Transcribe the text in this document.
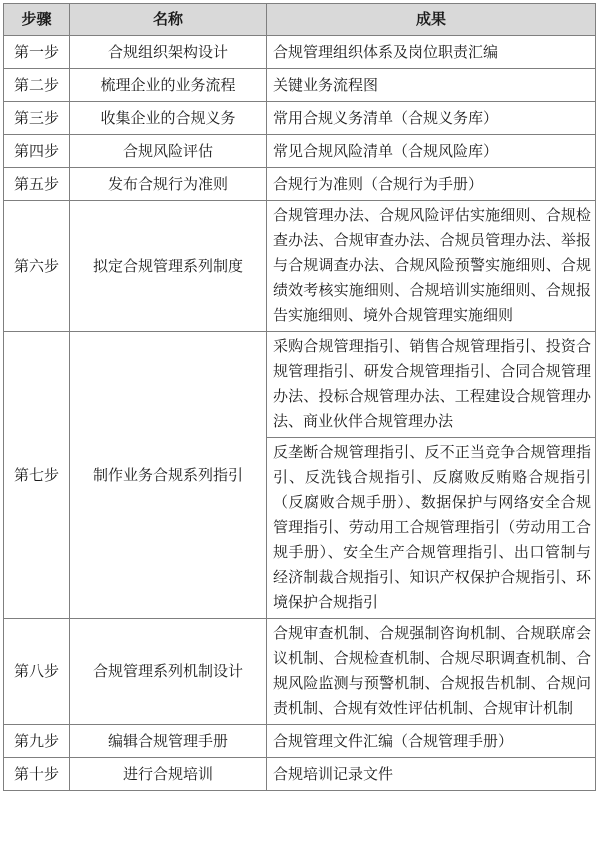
步骤	名称	成果
第一步	合规组织架构设计	合规管理组织体系及岗位职责汇编
第二步	梳理企业的业务流程	关键业务流程图
第三步	收集企业的合规义务	常用合规义务清单（合规义务库）
第四步	合规风险评估	常见合规风险清单（合规风险库）
第五步	发布合规行为准则	合规行为准则（合规行为手册）
第六步	拟定合规管理系列制度	合规管理办法、合规风险评估实施细则、合规检查办法、合规审查办法、合规员管理办法、举报与合规调查办法、合规风险预警实施细则、合规绩效考核实施细则、合规培训实施细则、合规报告实施细则、境外合规管理实施细则
第七步	制作业务合规系列指引	采购合规管理指引、销售合规管理指引、投资合规管理指引、研发合规管理指引、合同合规管理办法、投标合规管理办法、工程建设合规管理办法、商业伙伴合规管理办法
		反垄断合规管理指引、反不正当竞争合规管理指引、反洗钱合规指引、反腐败反贿赂合规指引（反腐败合规手册）、数据保护与网络安全合规管理指引、劳动用工合规管理指引（劳动用工合规手册）、安全生产合规管理指引、出口管制与经济制裁合规指引、知识产权保护合规指引、环境保护合规指引
第八步	合规管理系列机制设计	合规审查机制、合规强制咨询机制、合规联席会议机制、合规检查机制、合规尽职调查机制、合规风险监测与预警机制、合规报告机制、合规问责机制、合规有效性评估机制、合规审计机制
第九步	编辑合规管理手册	合规管理文件汇编（合规管理手册）
第十步	进行合规培训	合规培训记录文件
